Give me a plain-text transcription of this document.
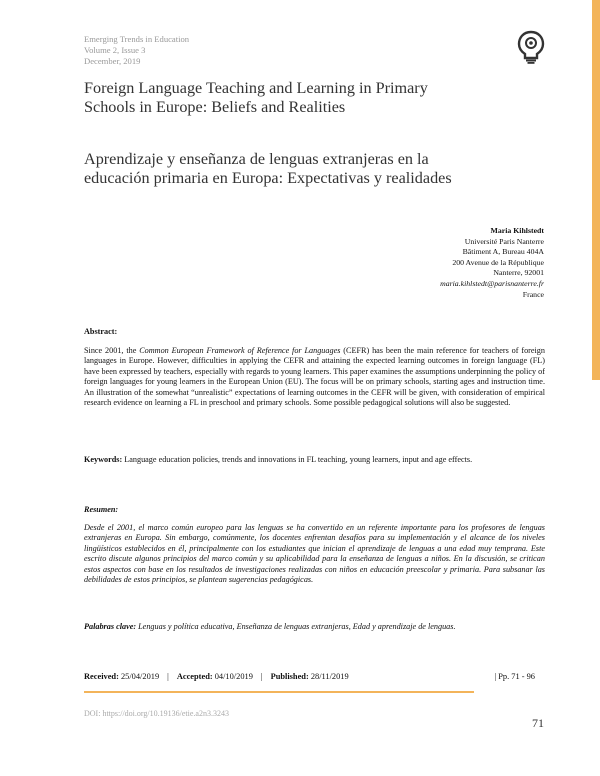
Emerging Trends in Education
Volume 2, Issue 3
December, 2019
Foreign Language Teaching and Learning in Primary
Schools in Europe: Beliefs and Realities
Aprendizaje y enseñanza de lenguas extranjeras en la
educación primaria en Europa: Expectativas y realidades
Maria Kihlstedt
Université Paris Nanterre
Bâtiment A, Bureau 404A
200 Avenue de la République
Nanterre, 92001
maria.kihlstedt@parisnanterre.fr
France
Abstract:
Since 2001, the Common European Framework of Reference for Languages (CEFR) has been the main reference for teachers of foreign languages in Europe. However, difficulties in applying the CEFR and attaining the expected learning outcomes in foreign language (FL) have been expressed by teachers, especially with regards to young learners. This paper examines the assumptions underpinning the policy of foreign languages for young learners in the European Union (EU). The focus will be on primary schools, starting ages and instruction time. An illustration of the somewhat “unrealistic” expectations of learning outcomes in the CEFR will be given, with consideration of empirical research evidence on learning a FL in preschool and primary schools. Some possible pedagogical solutions will also be suggested.
Keywords: Language education policies, trends and innovations in FL teaching, young learners, input and age effects.
Resumen:
Desde el 2001, el marco común europeo para las lenguas se ha convertido en un referente importante para los profesores de lenguas extranjeras en Europa. Sin embargo, comúnmente, los docentes enfrentan desafíos para su implementación y el alcance de los niveles lingüísticos establecidos en él, principalmente con los estudiantes que inician el aprendizaje de lenguas a una edad muy temprana. Este escrito discute algunos principios del marco común y su aplicabilidad para la enseñanza de lenguas a niños. En la discusión, se critican estos aspectos con base en los resultados de investigaciones realizadas con niños en educación preescolar y primaria. Para subsanar las debilidades de estos principios, se plantean sugerencias pedagógicas.
Palabras clave: Lenguas y política educativa, Enseñanza de lenguas extranjeras, Edad y aprendizaje de lenguas.
Received: 25/04/2019 | Accepted: 04/10/2019 | Published: 28/11/2019	| Pp. 71 - 96
DOI: https://doi.org/10.19136/etie.a2n3.3243
71
